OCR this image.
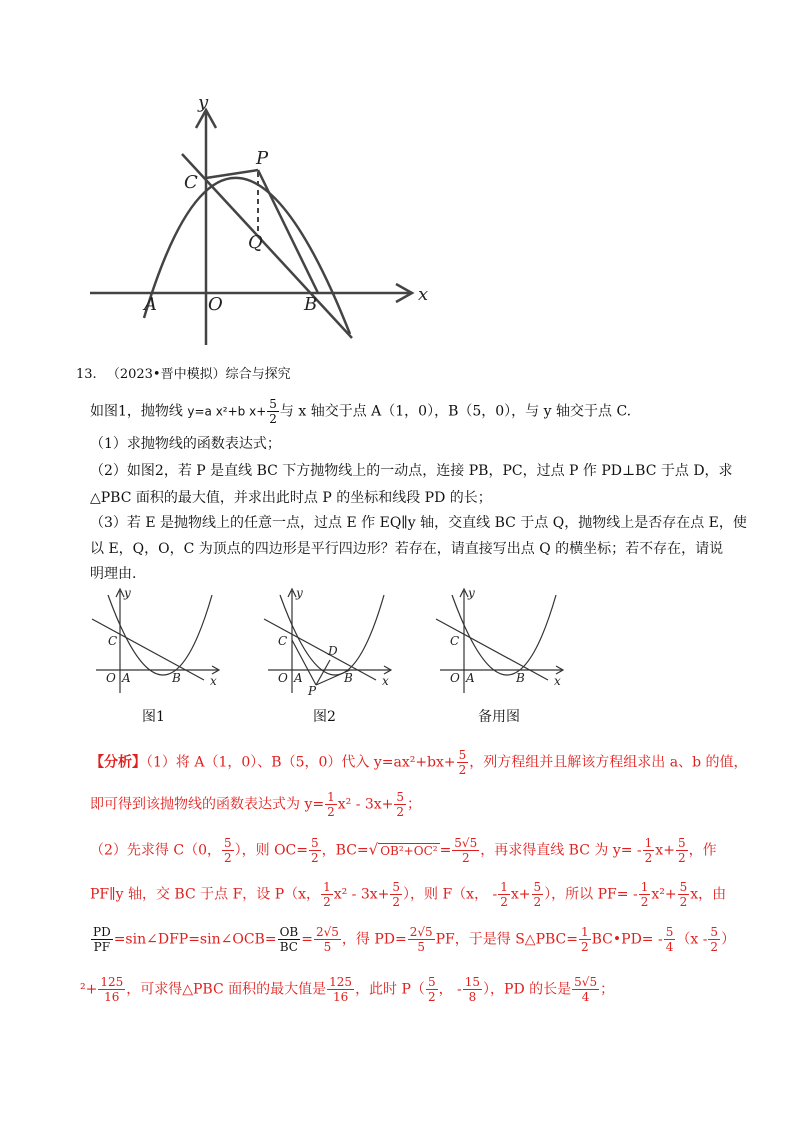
y
x
C
P
Q
A	O	B
13. （2023•晋中模拟）综合与探究
如图1，抛物线 y=a x²+b $x+ \frac{5}{2}$ 与 x 轴交于点 A（1，0），B（5，0），与 y 轴交于点 C.
（1）求抛物线的函数表达式；
（2）如图2，若 P 是直线 BC 下方抛物线上的一动点，连接 PB，PC，过点 P 作 PD⊥BC 于点 D，求
△PBC 面积的最大值，并求出此时点 P 的坐标和线段 PD 的长；
（3）若 E 是抛物线上的任意一点，过点 E 作 EQ∥y 轴，交直线 BC 于点 Q，抛物线上是否存在点 E，使
以 E，Q，O，C 为顶点的四边形是平行四边形？若存在，请直接写出点 Q 的横坐标；若不存在，请说
明理由.
y
x
C
O A	B
图1
y
x
C
D
O A	B
P
图2
y
x
C
O A	B
备用图
【分析】（1）将 A（1，0）、B（5，0）代入 $y=ax^2+bx+ \frac{5}{2}$ ，列方程组并且解该方程组求出 a、b 的值，
即可得到该抛物线的函数表达式为 $y= \frac{1}{2} x^2 - 3x+ \frac{5}{2}$ ；
（2）先求得 C（0， $\frac{5}{2}$ ），则 $OC= \frac{5}{2}$ ，BC=√ $OB^2+OC^2 = \frac{5√5}{2}$ ，再求得直线 BC 为 $y= - \frac{1}{2} x+ \frac{5}{2}$ ，作
PF∥y 轴，交 BC 于点 F，设 P（x， $\frac{1}{2} x^2 - 3x+ \frac{5}{2}$ ），则 F（x， - $\frac{1}{2} x+ \frac{5}{2}$ ），所以 $PF= - \frac{1}{2} x^2+ \frac{5}{2}$ x，由
$\frac{PD}{PF}$ =sin∠DFP=sin∠OCB= $\frac{OB}{BC} = \frac{2√5}{5}$ ，得 $PD= \frac{2√5}{5}$ PF，于是得 S△PBC= $\frac{1}{2}$ BC•PD= - $\frac{5}{4} (x - \frac{5}{2}$ ）
$^2+ \frac{125}{16}$ ，可求得△PBC 面积的最大值是 $\frac{125}{16}$ ，此时 $P( \frac{5}{2}$ ， - $\frac{15}{8}$ ），PD 的长是 $\frac{5√5}{4}$ ；
